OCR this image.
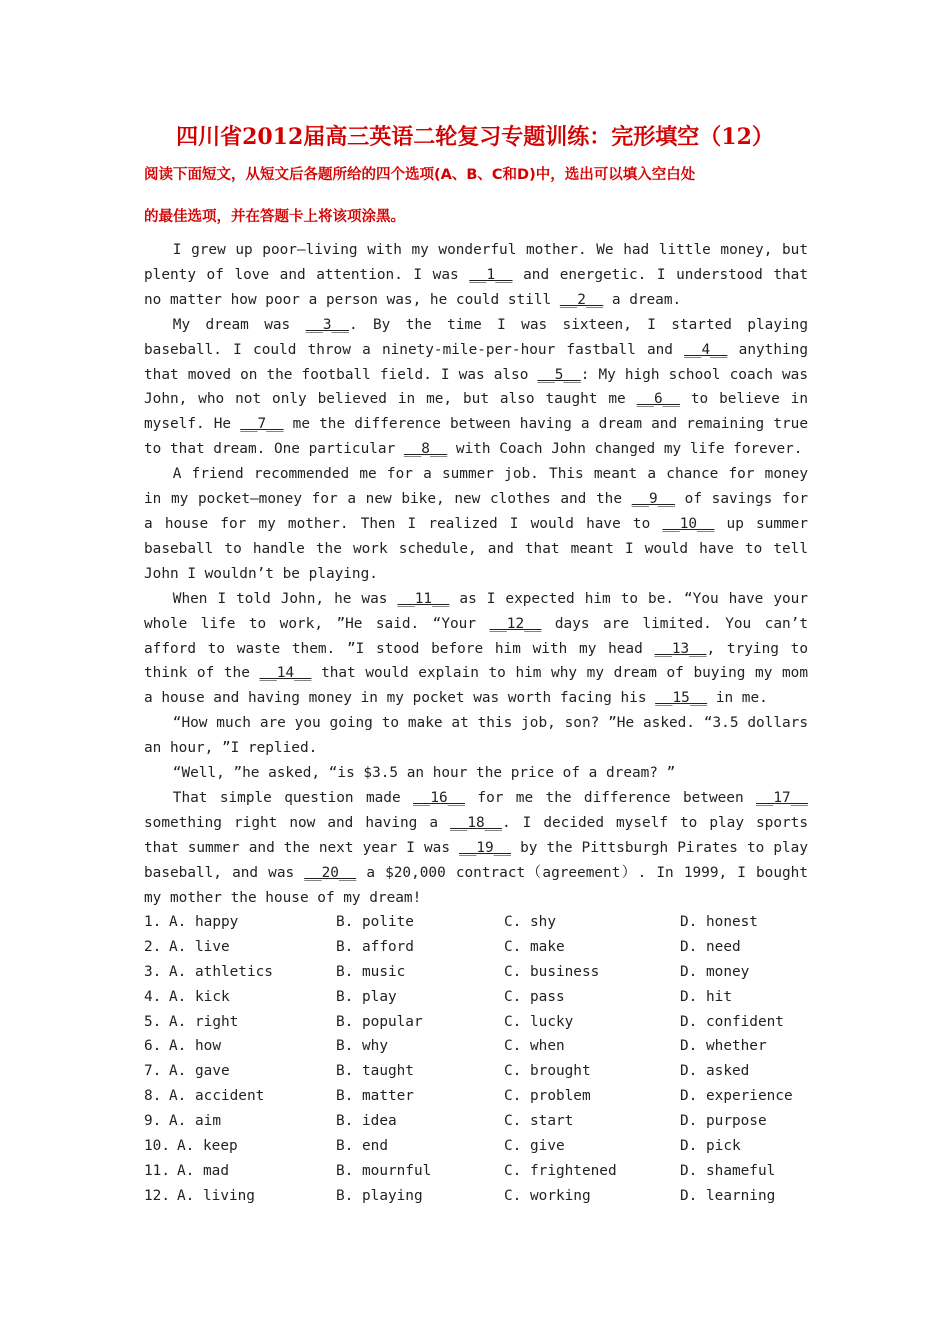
四川省2012届高三英语二轮复习专题训练：完形填空（12）
阅读下面短文，从短文后各题所给的四个选项(A、B、C和D)中，选出可以填入空白处
的最佳选项，并在答题卡上将该项涂黑。

I grew up poor—living with my wonderful mother. We had little money, but plenty of love and attention. I was __1__ and energetic. I understood that no matter how poor a person was, he could still __2__ a dream.

My dream was __3__. By the time I was sixteen, I started playing baseball. I could throw a ninety-mile-per-hour fastball and __4__ anything that moved on the football field. I was also __5__: My high school coach was John, who not only believed in me, but also taught me __6__ to believe in myself. He __7__ me the difference between having a dream and remaining true to that dream. One particular __8__ with Coach John changed my life forever.

A friend recommended me for a summer job. This meant a chance for money in my pocket—money for a new bike, new clothes and the __9__ of savings for a house for my mother. Then I realized I would have to __10__ up summer baseball to handle the work schedule, and that meant I would have to tell John I wouldn’t be playing.

When I told John, he was __11__ as I expected him to be. “You have your whole life to work, ”He said. “Your __12__ days are limited. You can’t afford to waste them. ”I stood before him with my head __13__, trying to think of the __14__ that would explain to him why my dream of buying my mom a house and having money in my pocket was worth facing his __15__ in me.

“How much are you going to make at this job, son? ”He asked. “3.5 dollars an hour, ”I replied.

“Well, ”he asked, “is $3.5 an hour the price of a dream? ”

That simple question made __16__ for me the difference between __17__ something right now and having a __18__. I decided myself to play sports that summer and the next year I was __19__ by the Pittsburgh Pirates to play baseball, and was __20__ a $20,000 contract（agreement）. In 1999, I bought my mother the house of my dream!

1. A. happy	B. polite	C. shy	D. honest
2. A. live	B. afford	C. make	D. need
3. A. athletics	B. music	C. business	D. money
4. A. kick	B. play	C. pass	D. hit
5. A. right	B. popular	C. lucky	D. confident
6. A. how	B. why	C. when	D. whether
7. A. gave	B. taught	C. brought	D. asked
8. A. accident	B. matter	C. problem	D. experience
9. A. aim	B. idea	C. start	D. purpose
10. A. keep	B. end	C. give	D. pick
11. A. mad	B. mournful	C. frightened	D. shameful
12. A. living	B. playing	C. working	D. learning
